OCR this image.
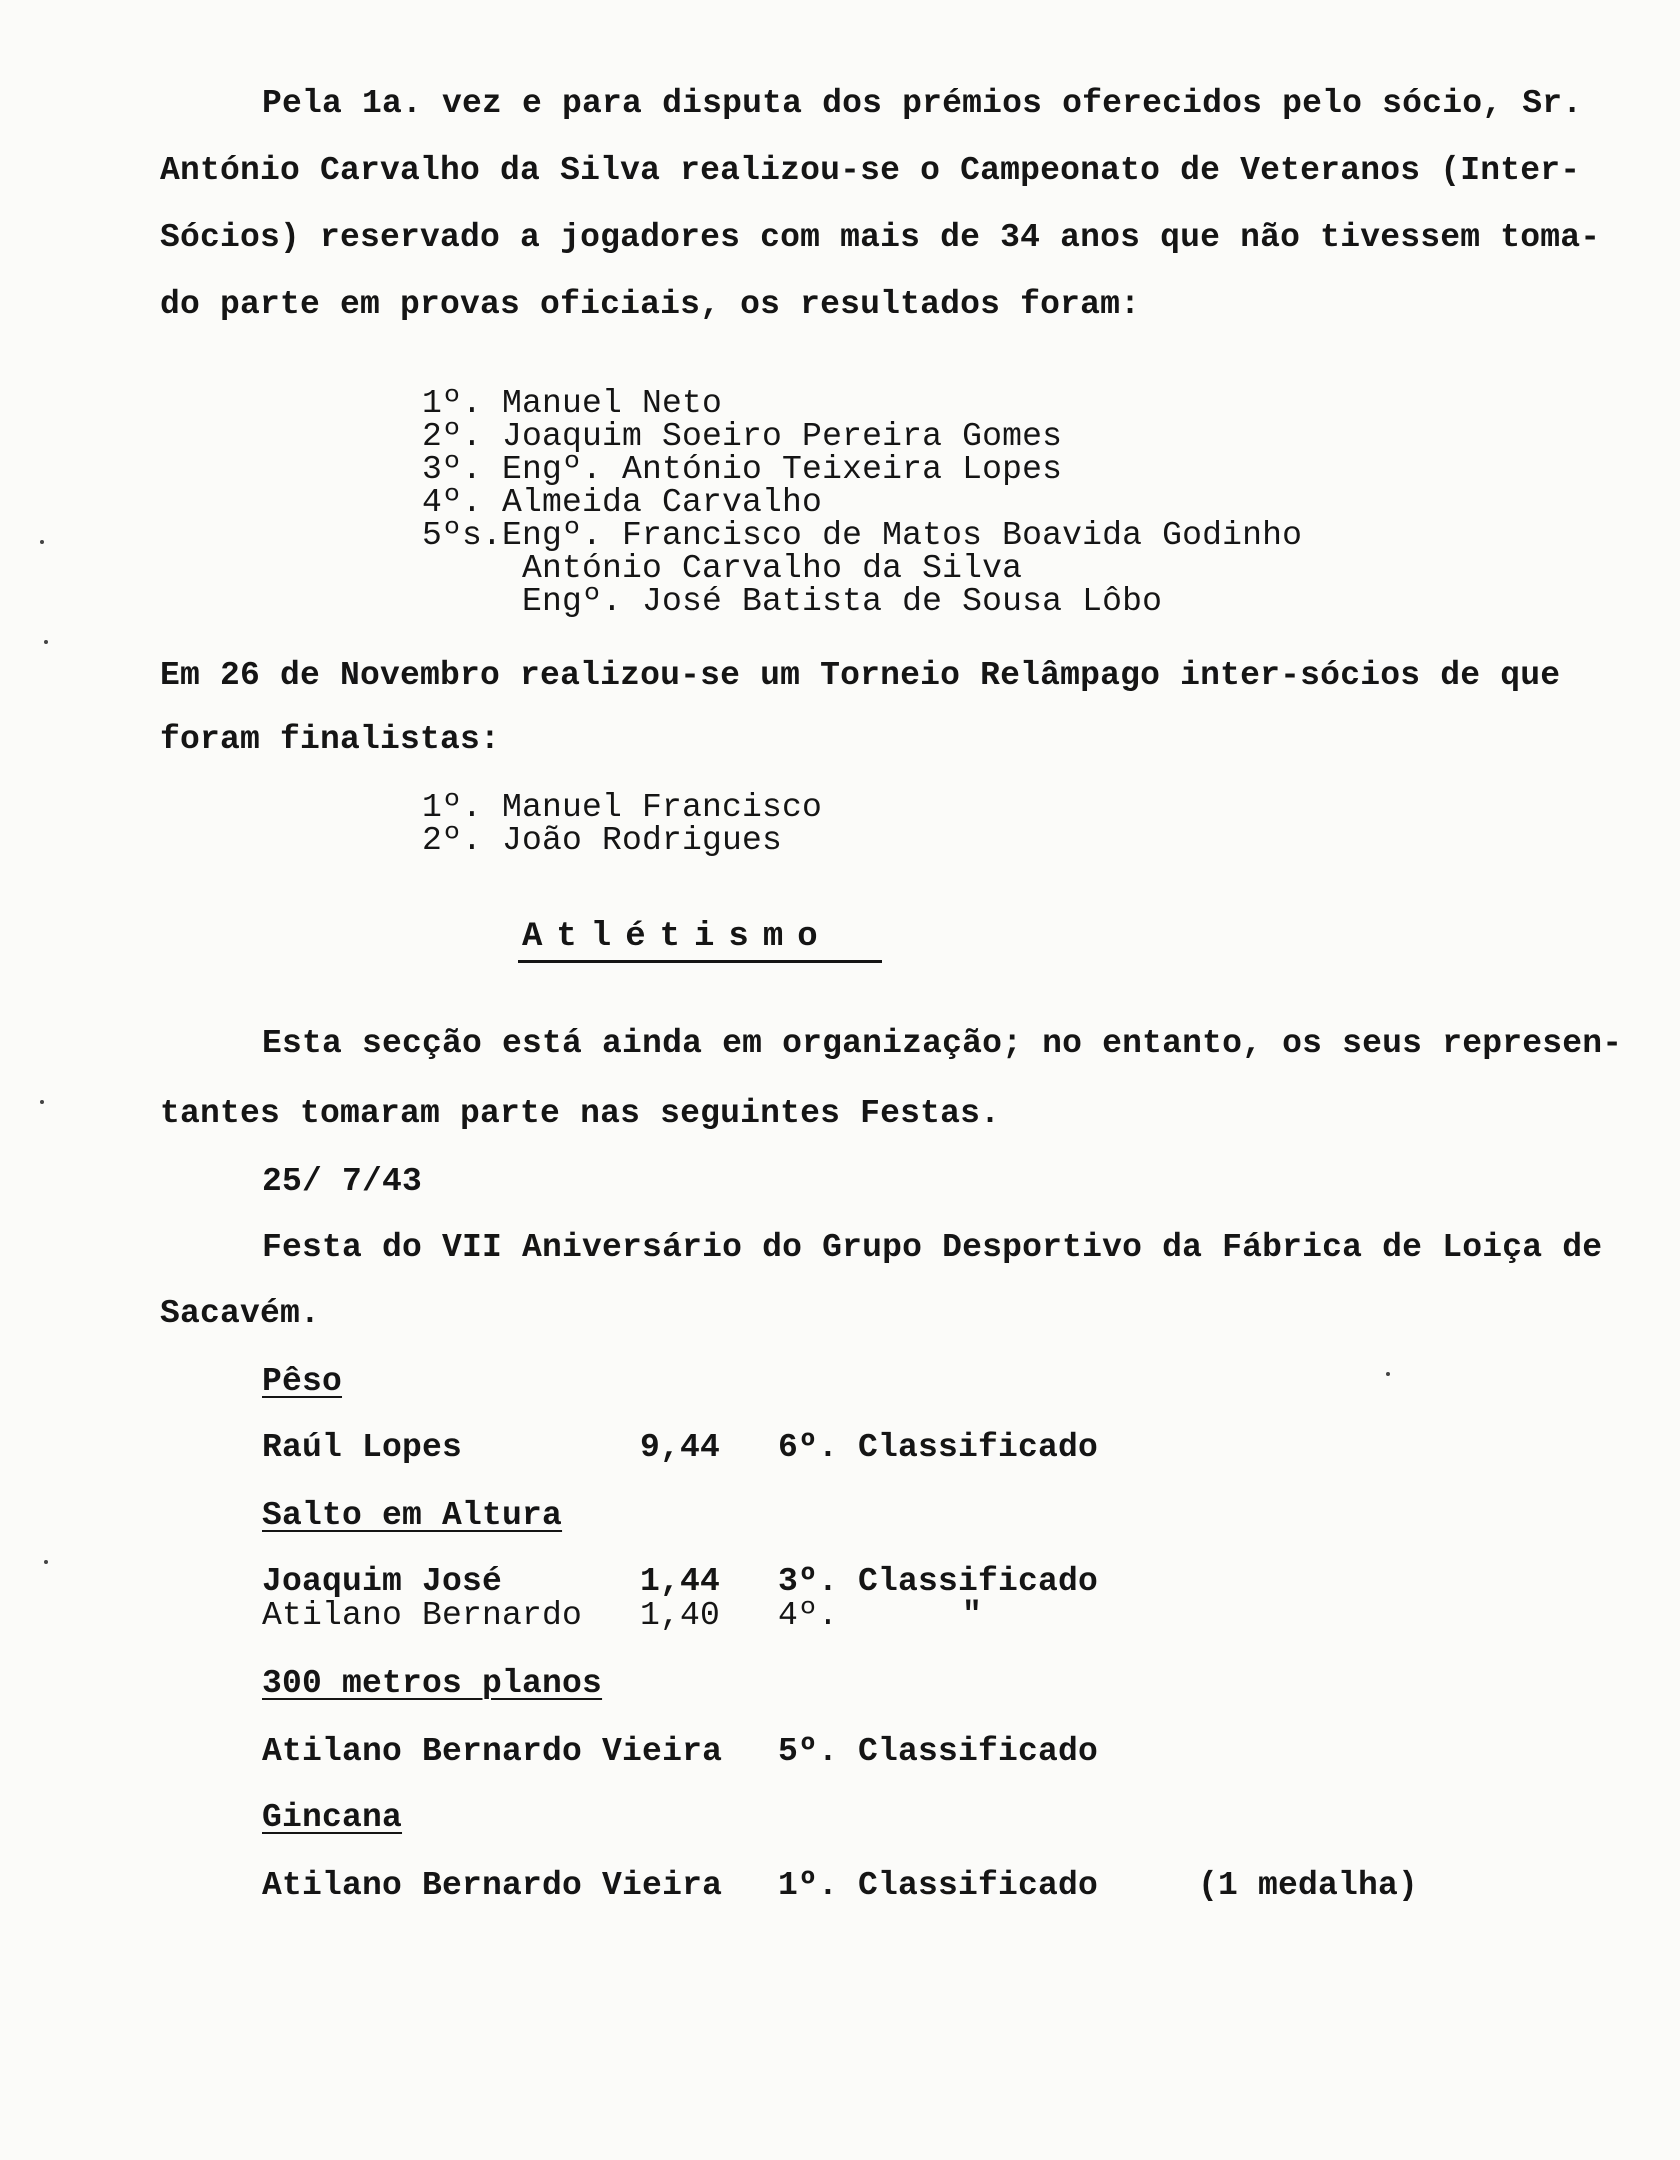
Pela 1a. vez e para disputa dos prémios oferecidos pelo sócio, Sr.
António Carvalho da Silva realizou-se o Campeonato de Veteranos (Inter-
Sócios) reservado a jogadores com mais de 34 anos que não tivessem toma-
do parte em provas oficiais, os resultados foram:
1º. Manuel Neto
2º. Joaquim Soeiro Pereira Gomes
3º. Engº. António Teixeira Lopes
4º. Almeida Carvalho
5ºs.Engº. Francisco de Matos Boavida Godinho
António Carvalho da Silva
Engº. José Batista de Sousa Lôbo
Em 26 de Novembro realizou-se um Torneio Relâmpago inter-sócios de que
foram finalistas:
1º. Manuel Francisco
2º. João Rodrigues
Atlétismo
Esta secção está ainda em organização; no entanto, os seus represen-
tantes tomaram parte nas seguintes Festas.
25/ 7/43
Festa do VII Aniversário do Grupo Desportivo da Fábrica de Loiça de
Sacavém.
Pêso
Raúl Lopes	9,44 6º. Classificado
Salto em Altura
Joaquim José	1,44 3º. Classificado
Atilano Bernardo 1,40 4º.	"
300 metros planos
Atilano Bernardo Vieira 5º. Classificado
Gincana
Atilano Bernardo Vieira 1º. Classificado	(1 medalha)
